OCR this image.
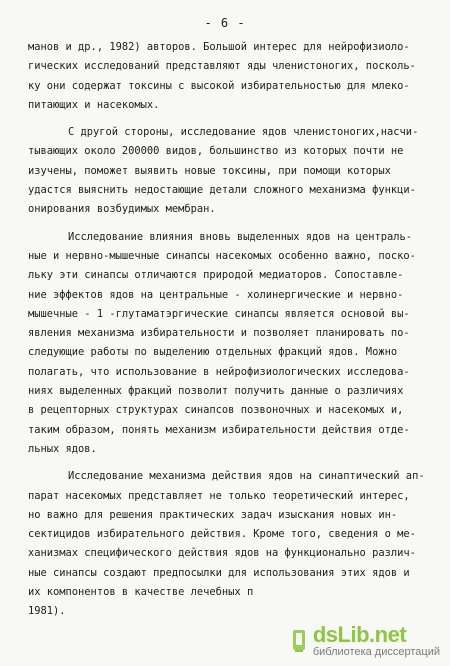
- 6 -
манов и др., 1982) авторов. Большой интерес для нейрофизиоло-
гических исследований представляют яды членистоногих, посколь-
ку они содержат токсины с высокой избирательностью для млеко-
питающих и насекомых.
С другой стороны, исследование ядов членистоногих,насчи-
тывающих около 200000 видов, большинство из которых почти не
изучены, поможет выявить новые токсины, при помощи которых
удастся выяснить недостающие детали сложного механизма функци-
онирования возбудимых мембран.
Исследование влияния вновь выделенных ядов на централь-
ные и нервно-мышечные синапсы насекомых особенно важно, поско-
льку эти синапсы отличаются природой медиаторов. Сопоставле-
ние эффектов ядов на центральные - холинергические и нервно-
мышечные - 1 -глутаматэргические синапсы является основой вы-
явления механизма избирательности и позволяет планировать по-
следующие работы по выделению отдельных фракций ядов. Можно
полагать, что использование в нейрофизиологических исследова-
ниях выделенных фракций позволит получить данные о различиях
в рецепторных структурах синапсов позвоночных и насекомых и,
таким образом, понять механизм избирательности действия отде-
льных ядов.
Исследование механизма действия ядов на синаптический ап-
парат насекомых представляет не только теоретический интерес,
но важно для решения практических задач изыскания новых ин-
сектицидов избирательного действия. Кроме того, сведения о ме-
ханизмах специфического действия ядов на функционально различ-
ные синапсы создают предпосылки для использования этих ядов и
их компонентов в качестве лечебных п
1981).
dsLib.net
библиотека диссертаций
